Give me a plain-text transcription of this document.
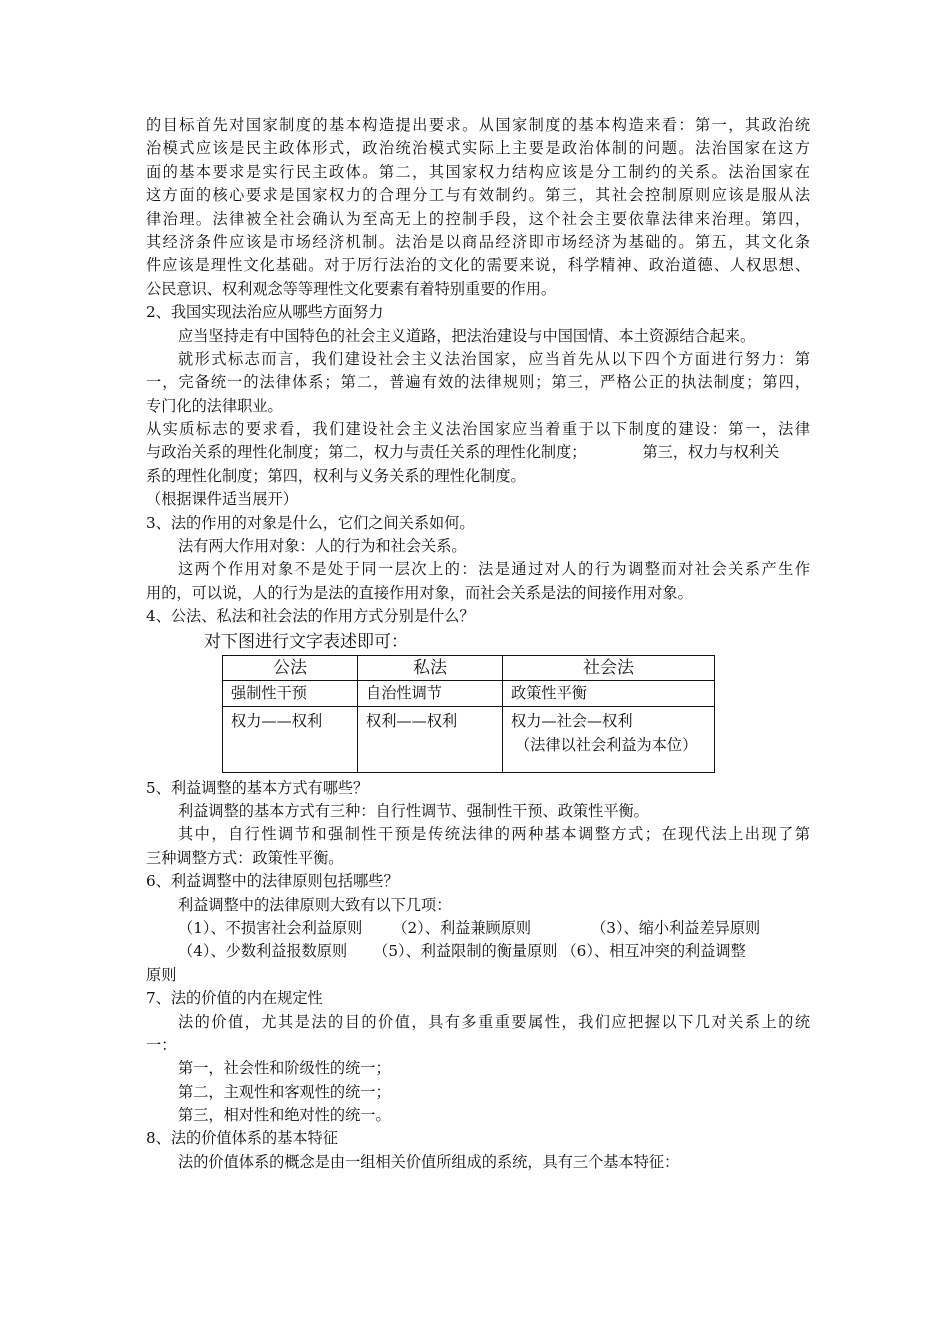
的目标首先对国家制度的基本构造提出要求。从国家制度的基本构造来看：第一，其政治统
治模式应该是民主政体形式，政治统治模式实际上主要是政治体制的问题。法治国家在这方
面的基本要求是实行民主政体。第二，其国家权力结构应该是分工制约的关系。法治国家在
这方面的核心要求是国家权力的合理分工与有效制约。第三，其社会控制原则应该是服从法
律治理。法律被全社会确认为至高无上的控制手段，这个社会主要依靠法律来治理。第四，
其经济条件应该是市场经济机制。法治是以商品经济即市场经济为基础的。第五，其文化条
件应该是理性文化基础。对于厉行法治的文化的需要来说，科学精神、政治道德、人权思想、
公民意识、权利观念等等理性文化要素有着特别重要的作用。
2、我国实现法治应从哪些方面努力
应当坚持走有中国特色的社会主义道路，把法治建设与中国国情、本土资源结合起来。
就形式标志而言，我们建设社会主义法治国家，应当首先从以下四个方面进行努力：第
一，完备统一的法律体系；第二，普遍有效的法律规则；第三，严格公正的执法制度；第四，
专门化的法律职业。
从实质标志的要求看，我们建设社会主义法治国家应当着重于以下制度的建设：第一，法律
与政治关系的理性化制度；第二，权力与责任关系的理性化制度；	第三，权力与权利关
系的理性化制度；第四，权利与义务关系的理性化制度。
（根据课件适当展开）
3、法的作用的对象是什么，它们之间关系如何。
法有两大作用对象：人的行为和社会关系。
这两个作用对象不是处于同一层次上的：法是通过对人的行为调整而对社会关系产生作
用的，可以说，人的行为是法的直接作用对象，而社会关系是法的间接作用对象。
4、公法、私法和社会法的作用方式分别是什么？
对下图进行文字表述即可：
公法	私法	社会法
强制性干预	自治性调节	政策性平衡
权力——权利	权利——权利	权力—社会—权利
（法律以社会利益为本位）
5、利益调整的基本方式有哪些？
利益调整的基本方式有三种：自行性调节、强制性干预、政策性平衡。
其中，自行性调节和强制性干预是传统法律的两种基本调整方式；在现代法上出现了第
三种调整方式：政策性平衡。
6、利益调整中的法律原则包括哪些？
利益调整中的法律原则大致有以下几项：
（1）、不损害社会利益原则 （2）、利益兼顾原则	（3）、缩小利益差异原则
（4）、少数利益报数原则 （5）、利益限制的衡量原则 （6）、相互冲突的利益调整
原则
7、法的价值的内在规定性
法的价值，尤其是法的目的价值，具有多重重要属性，我们应把握以下几对关系上的统
一：
第一，社会性和阶级性的统一；
第二，主观性和客观性的统一；
第三，相对性和绝对性的统一。
8、法的价值体系的基本特征
法的价值体系的概念是由一组相关价值所组成的系统，具有三个基本特征：
